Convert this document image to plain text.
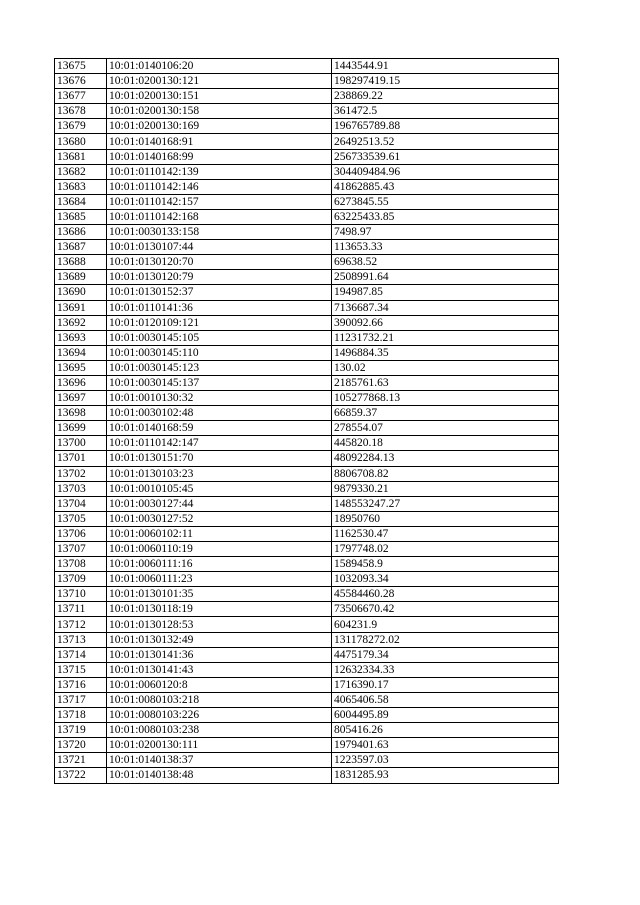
13675	10:01:0140106:20	1443544.91
13676	10:01:0200130:121	198297419.15
13677	10:01:0200130:151	238869.22
13678	10:01:0200130:158	361472.5
13679	10:01:0200130:169	196765789.88
13680	10:01:0140168:91	26492513.52
13681	10:01:0140168:99	256733539.61
13682	10:01:0110142:139	304409484.96
13683	10:01:0110142:146	41862885.43
13684	10:01:0110142:157	6273845.55
13685	10:01:0110142:168	63225433.85
13686	10:01:0030133:158	7498.97
13687	10:01:0130107:44	113653.33
13688	10:01:0130120:70	69638.52
13689	10:01:0130120:79	2508991.64
13690	10:01:0130152:37	194987.85
13691	10:01:0110141:36	7136687.34
13692	10:01:0120109:121	390092.66
13693	10:01:0030145:105	11231732.21
13694	10:01:0030145:110	1496884.35
13695	10:01:0030145:123	130.02
13696	10:01:0030145:137	2185761.63
13697	10:01:0010130:32	105277868.13
13698	10:01:0030102:48	66859.37
13699	10:01:0140168:59	278554.07
13700	10:01:0110142:147	445820.18
13701	10:01:0130151:70	48092284.13
13702	10:01:0130103:23	8806708.82
13703	10:01:0010105:45	9879330.21
13704	10:01:0030127:44	148553247.27
13705	10:01:0030127:52	18950760
13706	10:01:0060102:11	1162530.47
13707	10:01:0060110:19	1797748.02
13708	10:01:0060111:16	1589458.9
13709	10:01:0060111:23	1032093.34
13710	10:01:0130101:35	45584460.28
13711	10:01:0130118:19	73506670.42
13712	10:01:0130128:53	604231.9
13713	10:01:0130132:49	131178272.02
13714	10:01:0130141:36	4475179.34
13715	10:01:0130141:43	12632334.33
13716	10:01:0060120:8	1716390.17
13717	10:01:0080103:218	4065406.58
13718	10:01:0080103:226	6004495.89
13719	10:01:0080103:238	805416.26
13720	10:01:0200130:111	1979401.63
13721	10:01:0140138:37	1223597.03
13722	10:01:0140138:48	1831285.93
